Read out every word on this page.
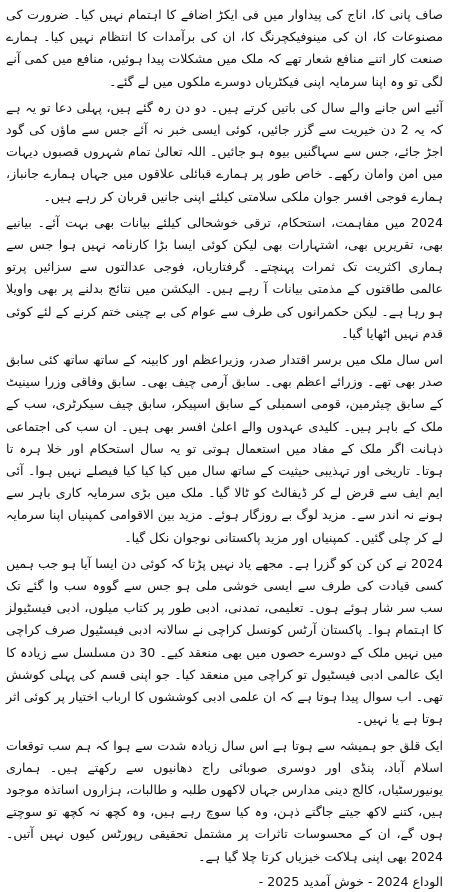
صاف پانی کا، اناج کی پیداوار میں فی ایکڑ اضافے کا اہتمام نہیں کیا۔ ضرورت کی مصنوعات کا، ان کی مینوفیکچرنگ کا، ان کی برآمدات کا انتظام نہیں کیا۔ ہمارے صنعت کار اتنے منافع شعار تھے کہ ملک میں مشکلات پیدا ہوئیں، منافع میں کمی آنے لگی تو وہ اپنا سرمایہ اپنی فیکٹریاں دوسرے ملکوں میں لے گئے۔

آئیے اس جانے والے سال کی باتیں کرتے ہیں۔ دو دن رہ گئے ہیں، پہلی دعا تو یہ ہے کہ یہ 2 دن خیریت سے گزر جائیں، کوئی ایسی خبر نہ آئے جس سے ماؤں کی گود اجڑ جائے، جس سے سہاگنیں بیوہ ہو جائیں۔ اللہ تعالیٰ تمام شہروں قصبوں دیہات میں امن وامان رکھے۔ خاص طور پر ہمارے قبائلی علاقوں میں جہاں ہمارے جانباز، ہمارے فوجی افسر جوان ملکی سلامتی کیلئے اپنی جانیں قربان کر رہے ہیں۔

2024 میں مفاہمت، استحکام، ترقی خوشحالی کیلئے بیانات بھی بہت آئے۔ بیانیے بھی، تقریریں بھی، اشتہارات بھی لیکن کوئی ایسا بڑا کارنامہ نہیں ہوا جس سے ہماری اکثریت تک ثمرات پہنچتے۔ گرفتاریاں، فوجی عدالتوں سے سزائیں پرتو عالمی طاقتوں کے مذمتی بیانات آ رہے ہیں۔ الیکشن میں نتائج بدلنے پر بھی واویلا ہو رہا ہے۔ لیکن حکمرانوں کی طرف سے عوام کی بے چینی ختم کرنے کے لئے کوئی قدم نہیں اٹھایا گیا۔

اس سال ملک میں برسر اقتدار صدر، وزیراعظم اور کابینہ کے ساتھ ساتھ کئی سابق صدر بھی تھے۔ وزرائے اعظم بھی۔ سابق آرمی چیف بھی۔ سابق وفاقی وزرا سینیٹ کے سابق چیئرمین، قومی اسمبلی کے سابق اسپیکر، سابق چیف سیکرٹری، سب کے ملک کے باہر ہیں۔ کلیدی عہدوں والے اعلیٰ افسر بھی ہیں۔ ان سب کی اجتماعی ذہانت اگر ملک کے مفاد میں استعمال ہوتی تو یہ سال استحکام اور خلا ہرہ تا ہوتا۔ تاریخی اور تہذیبی حیثیت کے ساتھ سال میں کیا کیا کیا فیصلے نہیں ہوا۔ آئی ایم ایف سے قرض لے کر ڈیفالٹ کو ٹالا گیا۔ ملک میں بڑی سرمایہ کاری باہر سے ہونے نہ اندر سے۔ مزید لوگ بے روزگار ہوئے۔ مزید بین الاقوامی کمپنیاں اپنا سرمایہ لے کر چلی گئیں۔ کمپنیاں اور مزید پاکستانی نوجوان نکل گیا۔

2024 نے کن کن کو گزرا ہے۔ مجھے یاد نہیں پڑتا کہ کوئی دن ایسا آیا ہو جب ہمیں کسی قیادت کی طرف سے ایسی خوشی ملی ہو جس سے گووہ سب وا گئے تک سب سر شار ہوئے ہوں۔ تعلیمی، تمدنی، ادبی طور پر کتاب میلوں، ادبی فیسٹیولز کا اہتمام ہوا۔ پاکستان آرٹس کونسل کراچی نے سالانہ ادبی فیسٹیول صرف کراچی میں نہیں ملک کے دوسرے حصوں میں بھی منعقد کیے۔ 30 دن مسلسل سے زیادہ کا ایک عالمی ادبی فیسٹیول تو کراچی میں منعقد کیا۔ جو اپنی قسم کی پہلی کوشش تھی۔ اب سوال پیدا ہوتا ہے کہ ان علمی ادبی کوششوں کا ارباب اختیار پر کوئی اثر ہوتا ہے یا نہیں۔

ایک قلق جو ہمیشہ سے ہوتا ہے اس سال زیادہ شدت سے ہوا کہ ہم سب توقعات اسلام آباد، پنڈی اور دوسری صوبائی راج دھانیوں سے رکھتے ہیں۔ ہماری یونیورسٹیاں، کالج دینی مدارس جہاں لاکھوں طلبہ و طالبات، ہزاروں اساتذہ موجود ہیں، کتنے لاکھ جیتے جاگتے ذہن، وہ کیا سوچ رہے ہیں، وہ کچھ نہ کچھ تو سوچتے ہوں گے، ان کے محسوسات تاثرات پر مشتمل تحقیقی رپورٹس کیوں نہیں آتیں۔ 2024 بھی اپنی ہلاکت خیزیاں کرتا چلا گیا ہے۔

الوداع 2024 - خوش آمدید 2025 -
